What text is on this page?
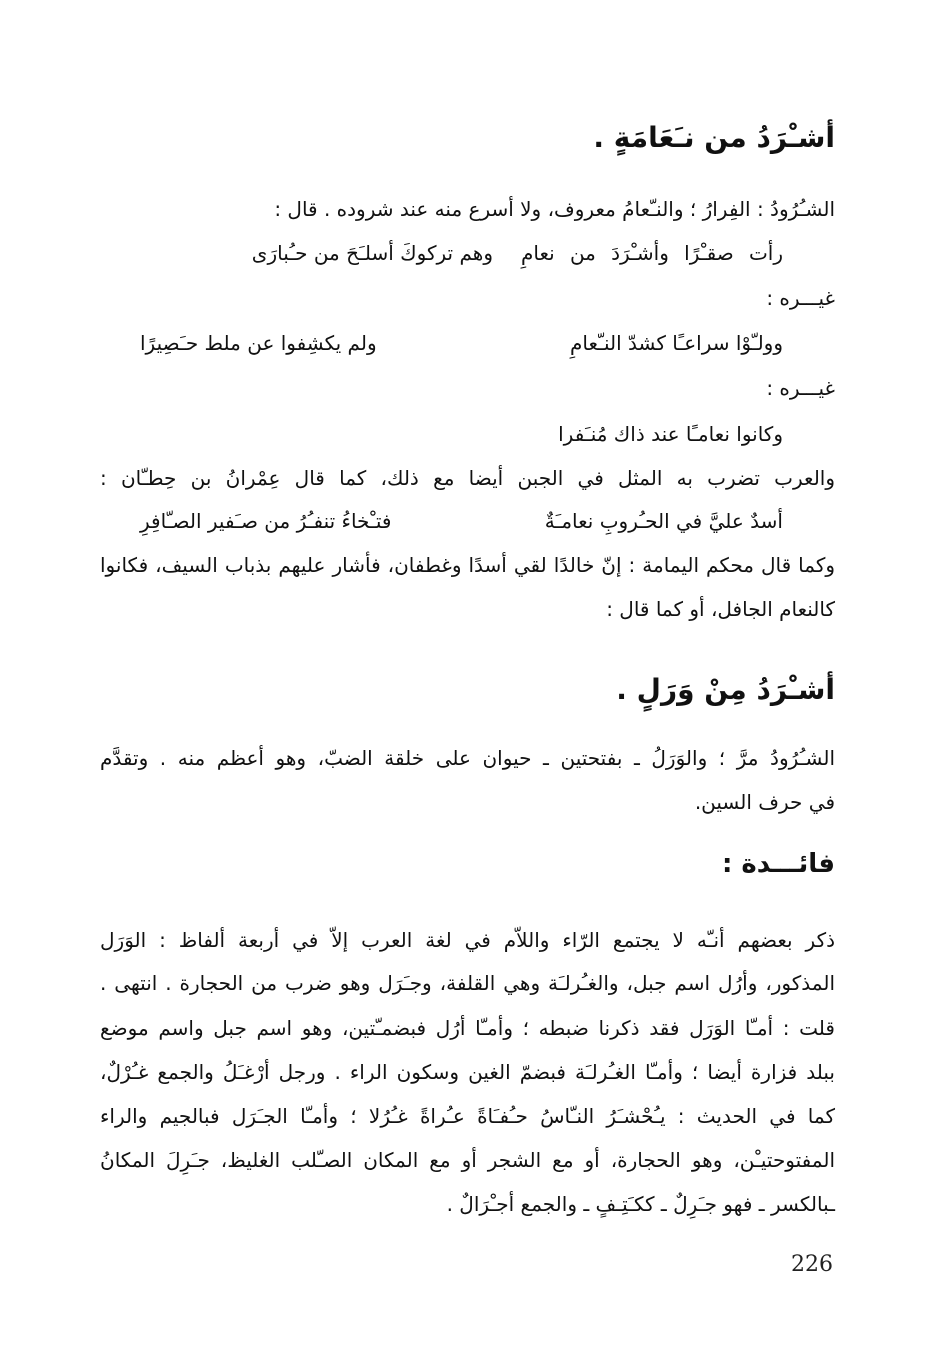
أشـْرَدُ من نـَعَامَةٍ .
الشـُرُودُ : الفِرارُ ؛ والنـّعامُ معروف، ولا أسرع منه عند شروده . قال :
وهم تركوكَ أسلـَحَ من حـُبارَى رأت صقـْرًا وأشـْرَدَ من نعامِ
غيـــره :
وولـّوْا سراعـًا كشدّ النـّعامِ
ولم يكشِفوا عن ملط حـَصِيرًا
غيـــره :
وكانوا نعامـًا عند ذاك مُنـَفرا
والعرب تضرب به المثل في الجبن أيضا مع ذلك، كما قال عِمْرانُ بن حِطـّان :
أسدٌ عليَّ في الحـُروبِ نعامـَةٌ
فتـْخاءُ تنفـُرُ من صـَفير الصـّافِرِ
وكما قال محكم اليمامة : إنّ خالدًا لقي أسدًا وغطفان، فأشار عليهم بذباب السيف، فكانوا
كالنعام الجافل، أو كما قال :
أشـْرَدُ مِنْ وَرَلٍ .
الشـُرُودُ مرَّ ؛ والوَرَلُ ـ بفتحتين ـ حيوان على خلقة الضبّ، وهو أعظم منه . وتقدَّم
في حرف السين.
فائـــدة :
ذكر بعضهم أنـّه لا يجتمع الرّاء واللاّم في لغة العرب إلاّ في أربعة ألفاظ : الوَرَل
المذكور، وأرُل اسم جبل، والغـُرلـَة وهي القلفة، وجـَرَل وهو ضرب من الحجارة . انتهى .
قلت : أمـّا الوَرَل فقد ذكرنا ضبطه ؛ وأمـّا أرُل فبضمـّتين، وهو اسم جبل واسم موضع
ببلد فزارة أيضا ؛ وأمـّا الغـُرلـَة فبضمّ الغين وسكون الراء . ورجل أرْغـَلُ والجمع غـُرْلٌ،
كما في الحديث : يـُحْشـَرُ النـّاسُ حـُفـَاةً عـُراةً غـُرُلا ؛ وأمـّا الجـَرَل فبالجيم والراء
المفتوحتيـْن، وهو الحجارة، أو مع الشجر أو مع المكان الصـّلب الغليظ، جـَرِلَ المكانُ
ـبالكسر ـ فهو جـَرِلٌ ـ ككـَتِـفٍ ـ والجمع أجـْرَالٌ .
226
